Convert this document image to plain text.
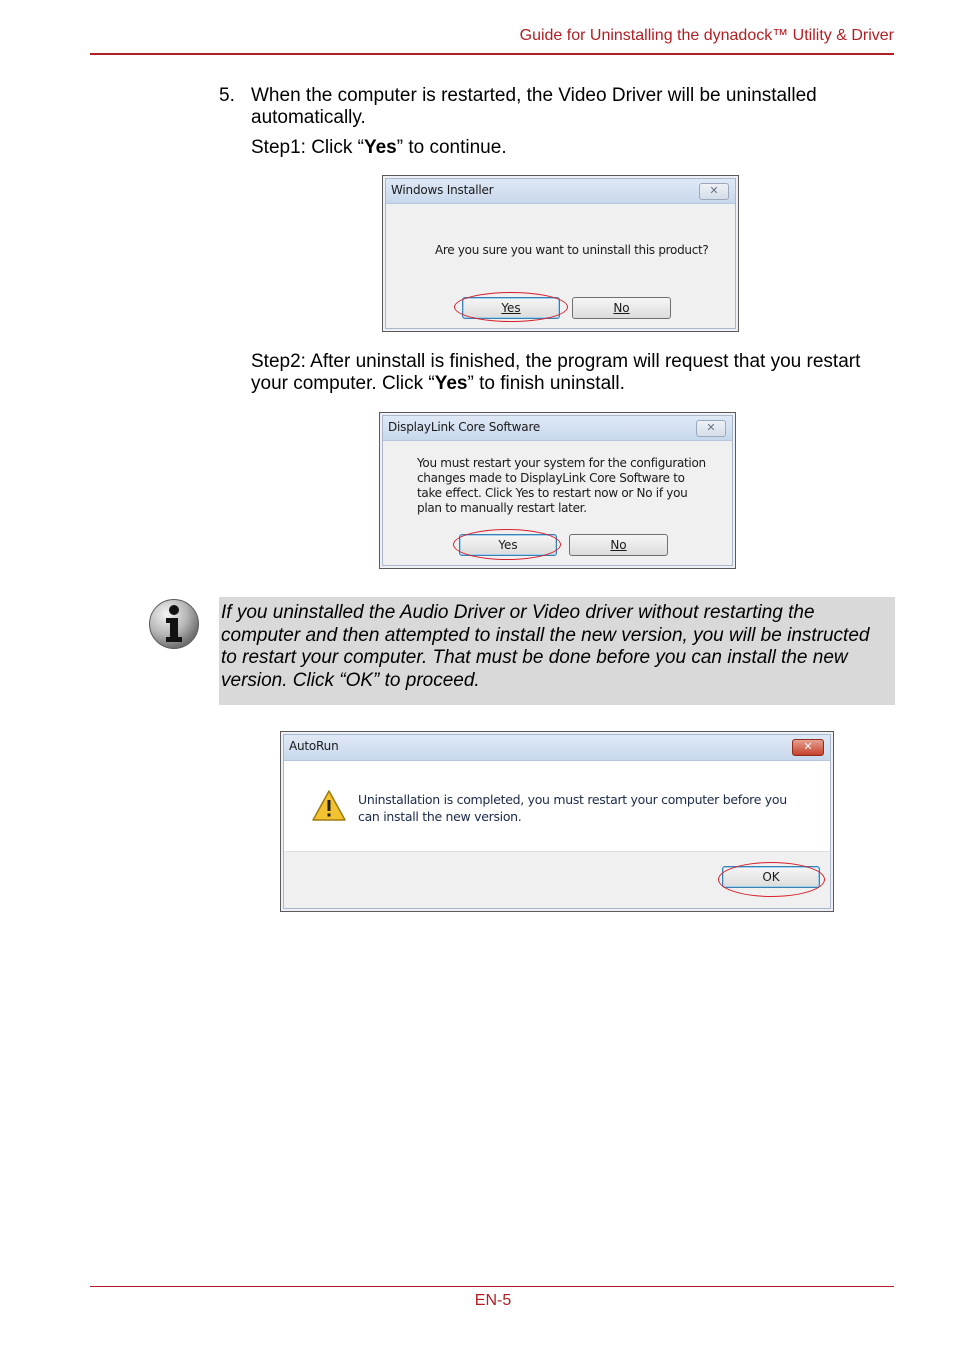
Guide for Uninstalling the dynadock™ Utility & Driver
5. When the computer is restarted, the Video Driver will be uninstalled automatically.
Step1: Click “Yes” to continue.
Windows Installer	✕
Are you sure you want to uninstall this product?
Yes	No
Step2: After uninstall is finished, the program will request that you restart your computer. Click “Yes” to finish uninstall.
DisplayLink Core Software	✕
You must restart your system for the configuration changes made to DisplayLink Core Software to take effect. Click Yes to restart now or No if you plan to manually restart later.
Yes	No
If you uninstalled the Audio Driver or Video driver without restarting the computer and then attempted to install the new version, you will be instructed to restart your computer. That must be done before you can install the new version. Click “OK” to proceed.
AutoRun	✕
Uninstallation is completed, you must restart your computer before you can install the new version.
OK
EN-5
